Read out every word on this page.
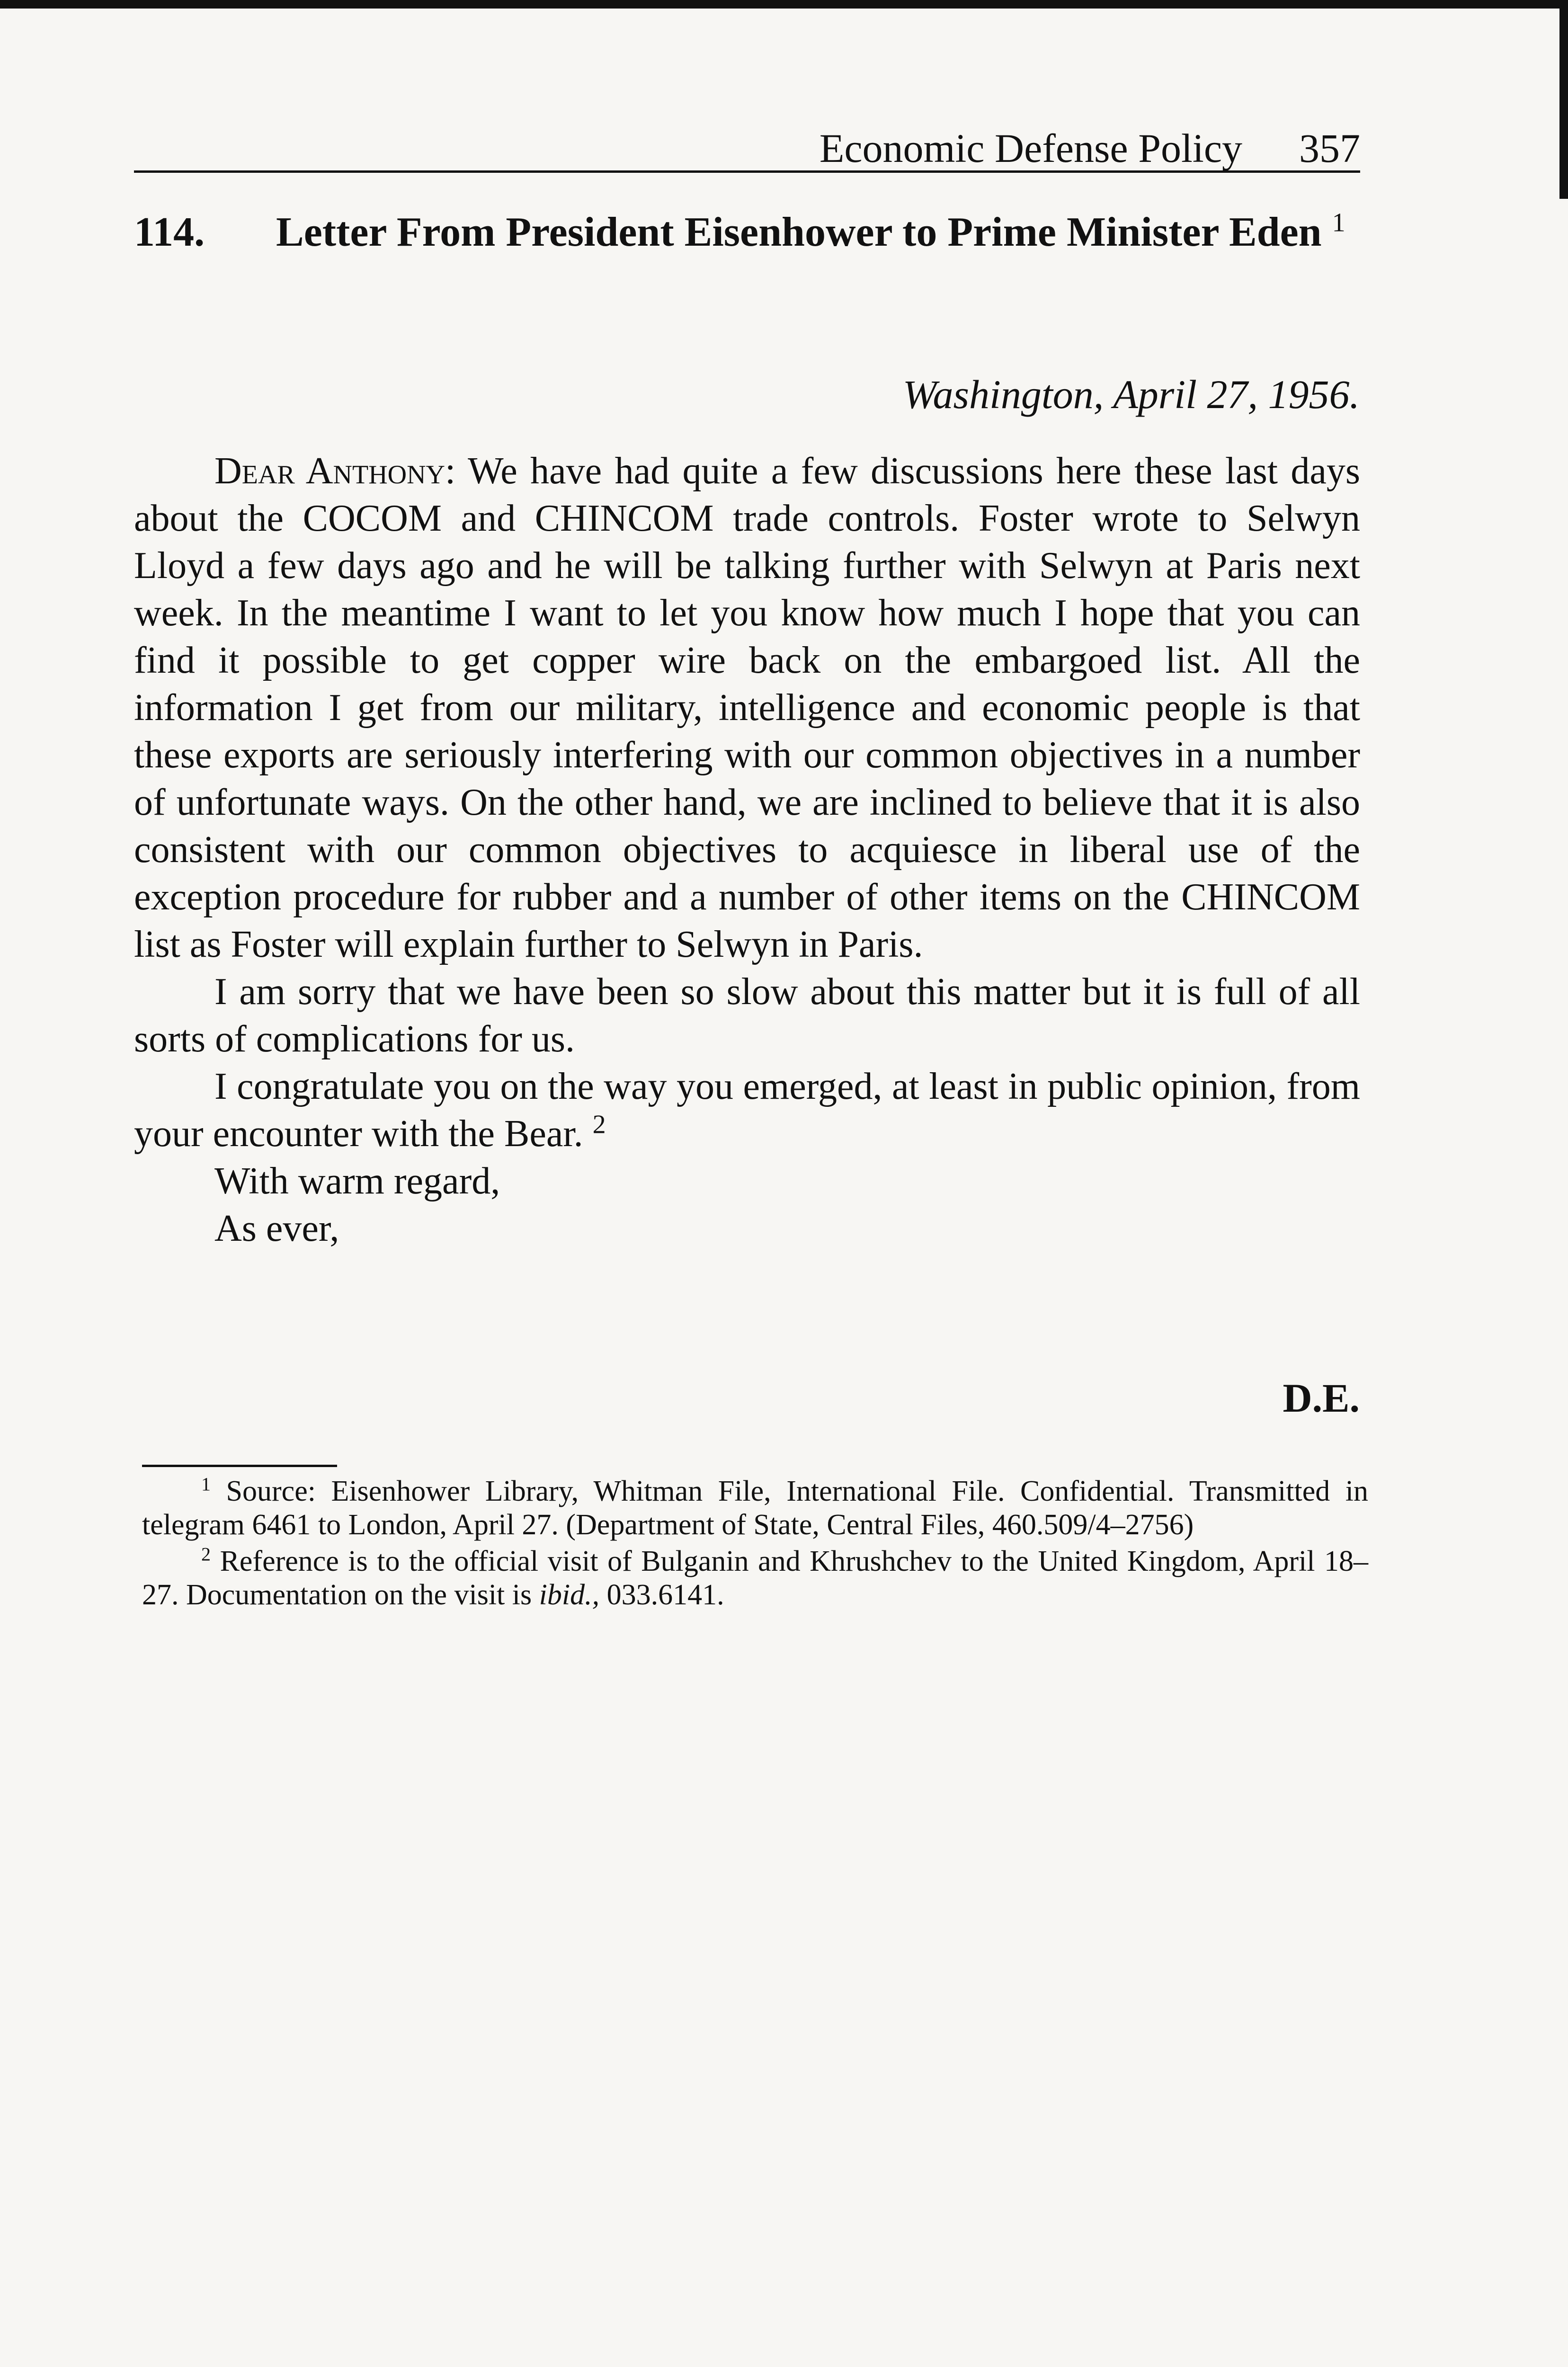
Economic Defense Policy 357
114.	Letter From President Eisenhower to Prime Minister Eden $^1$
Washington, April 27, 1956.

Dear Anthony: We have had quite a few discussions here these last days about the COCOM and CHINCOM trade controls. Foster wrote to Selwyn Lloyd a few days ago and he will be talking further with Selwyn at Paris next week. In the meantime I want to let you know how much I hope that you can find it possible to get copper wire back on the embargoed list. All the information I get from our military, intelligence and economic people is that these exports are seriously interfering with our common objectives in a number of unfortunate ways. On the other hand, we are inclined to believe that it is also consistent with our common objectives to acquiesce in liberal use of the exception procedure for rubber and a number of other items on the CHINCOM list as Foster will explain further to Selwyn in Paris.

I am sorry that we have been so slow about this matter but it is full of all sorts of complications for us.

I congratulate you on the way you emerged, at least in public opinion, from your encounter with the Bear. $^2$

With warm regard,

As ever,

D.E.

$^1$ Source: Eisenhower Library, Whitman File, International File. Confidential. Transmitted in telegram 6461 to London, April 27. (Department of State, Central Files, 460.509/4–2756)

$^2$ Reference is to the official visit of Bulganin and Khrushchev to the United Kingdom, April 18–27. Documentation on the visit is ibid., 033.6141.
